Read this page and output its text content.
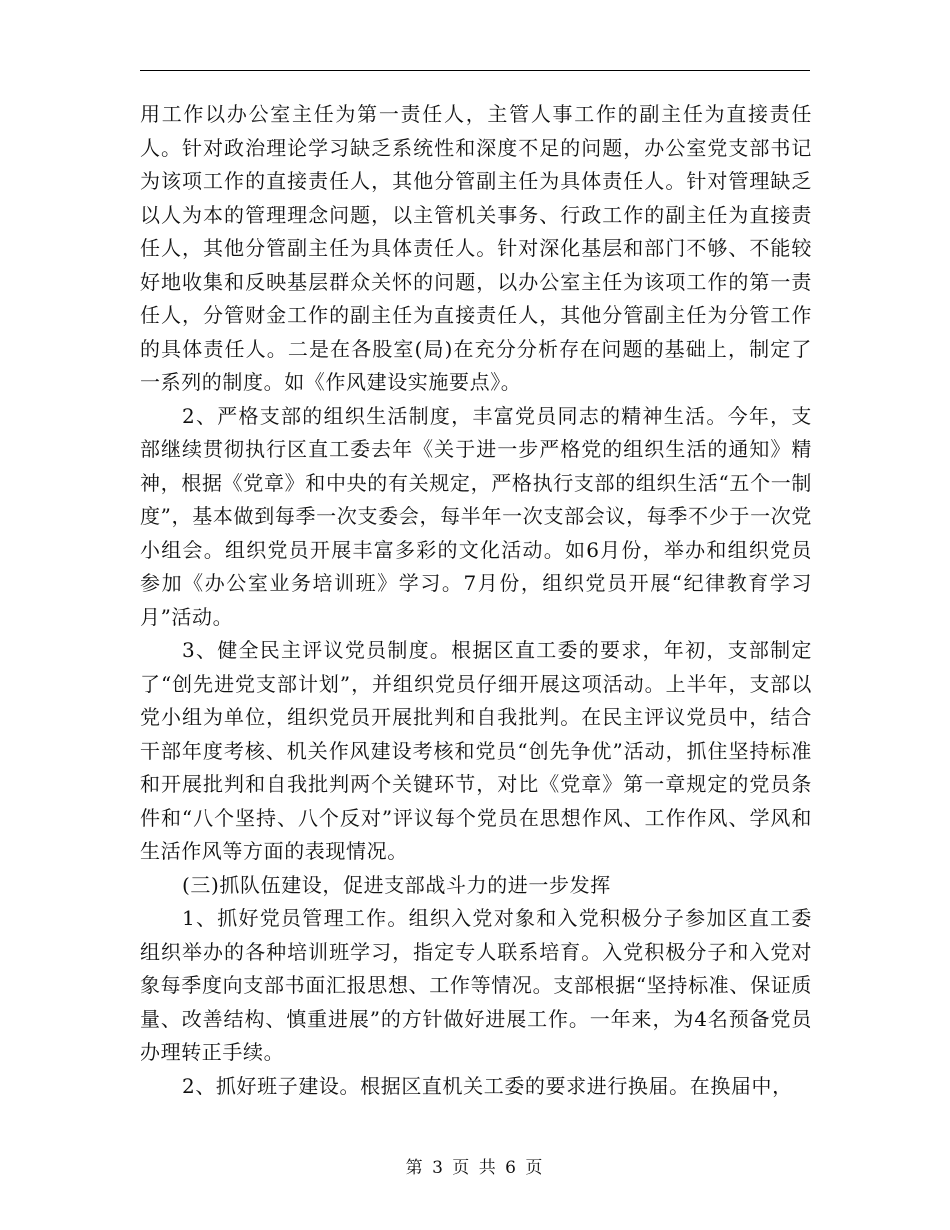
用工作以办公室主任为第一责任人，主管人事工作的副主任为直接责任人。针对政治理论学习缺乏系统性和深度不足的问题，办公室党支部书记为该项工作的直接责任人，其他分管副主任为具体责任人。针对管理缺乏以人为本的管理理念问题，以主管机关事务、行政工作的副主任为直接责任人，其他分管副主任为具体责任人。针对深化基层和部门不够、不能较好地收集和反映基层群众关怀的问题，以办公室主任为该项工作的第一责任人，分管财金工作的副主任为直接责任人，其他分管副主任为分管工作的具体责任人。二是在各股室(局)在充分分析存在问题的基础上，制定了一系列的制度。如《作风建设实施要点》。

2、严格支部的组织生活制度，丰富党员同志的精神生活。今年，支部继续贯彻执行区直工委去年《关于进一步严格党的组织生活的通知》精神，根据《党章》和中央的有关规定，严格执行支部的组织生活“五个一制度”，基本做到每季一次支委会，每半年一次支部会议，每季不少于一次党小组会。组织党员开展丰富多彩的文化活动。如6月份，举办和组织党员参加《办公室业务培训班》学习。7月份，组织党员开展“纪律教育学习月”活动。

3、健全民主评议党员制度。根据区直工委的要求，年初，支部制定了“创先进党支部计划”，并组织党员仔细开展这项活动。上半年，支部以党小组为单位，组织党员开展批判和自我批判。在民主评议党员中，结合干部年度考核、机关作风建设考核和党员“创先争优”活动，抓住坚持标准和开展批判和自我批判两个关键环节，对比《党章》第一章规定的党员条件和“八个坚持、八个反对”评议每个党员在思想作风、工作作风、学风和生活作风等方面的表现情况。

(三)抓队伍建设，促进支部战斗力的进一步发挥

1、抓好党员管理工作。组织入党对象和入党积极分子参加区直工委组织举办的各种培训班学习，指定专人联系培育。入党积极分子和入党对象每季度向支部书面汇报思想、工作等情况。支部根据“坚持标准、保证质量、改善结构、慎重进展”的方针做好进展工作。一年来，为4名预备党员办理转正手续。

2、抓好班子建设。根据区直机关工委的要求进行换届。在换届中，

第 3 页 共 6 页
